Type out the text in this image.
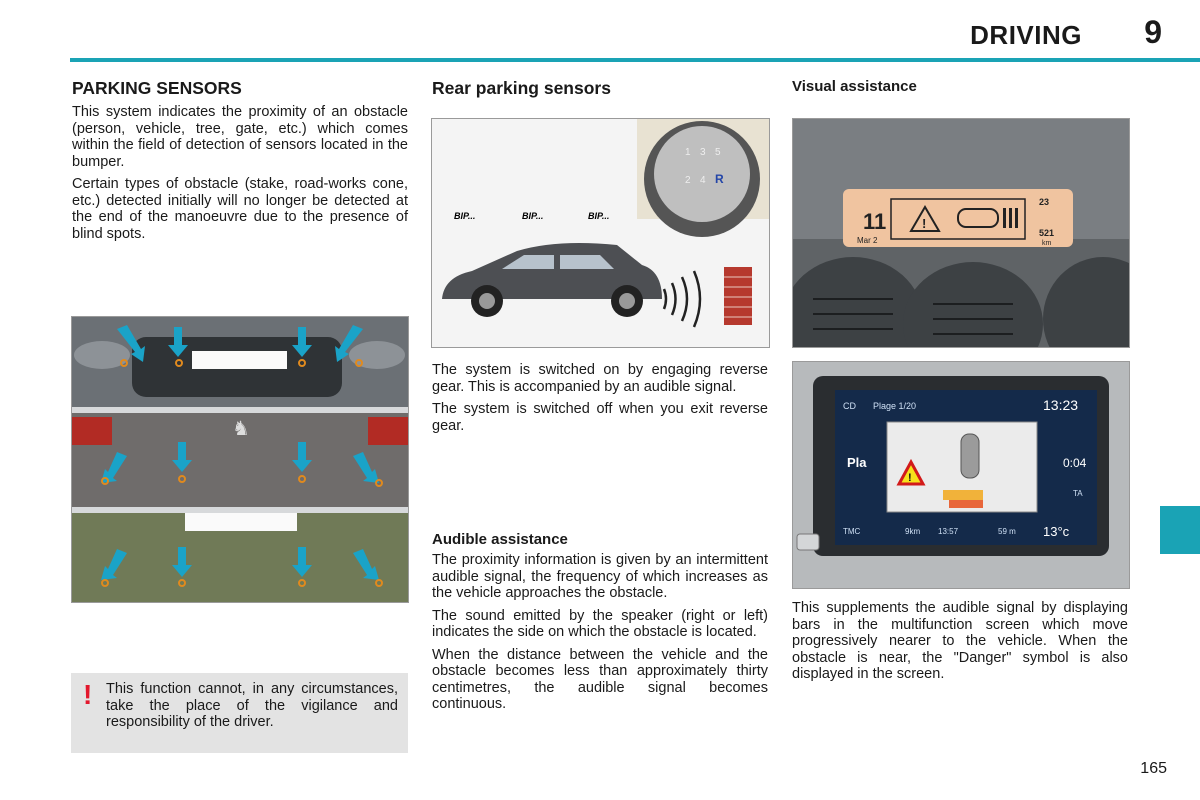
DRIVING 9
PARKING SENSORS

This system indicates the proximity of an obstacle (person, vehicle, tree, gate, etc.) which comes within the field of detection of sensors located in the bumper.

Certain types of obstacle (stake, road-works cone, etc.) detected initially will no longer be detected at the end of the manoeuvre due to the presence of blind spots.

♞
! This function cannot, in any circumstances, take the place of the vigilance and responsibility of the driver.
Rear parking sensors
1 3 5
2 4 R
BIP...	BIP...	BIP...

The system is switched on by engaging reverse gear. This is accompanied by an audible signal.

The system is switched off when you exit reverse gear.

Audible assistance

The proximity information is given by an intermittent audible signal, the frequency of which increases as the vehicle approaches the obstacle.

The sound emitted by the speaker (right or left) indicates the side on which the obstacle is located.

When the distance between the vehicle and the obstacle becomes less than approximately thirty centimetres, the audible signal becomes continuous.

Visual assistance
11
Mar 2
!
23
521
km
CD Plage 1/20	13:23
Pla	0:04
TA
!
TMC	9km 13:57	59 m 13°c

This supplements the audible signal by displaying bars in the multifunction screen which move progressively nearer to the vehicle. When the obstacle is near, the "Danger" symbol is also displayed in the screen.

165
